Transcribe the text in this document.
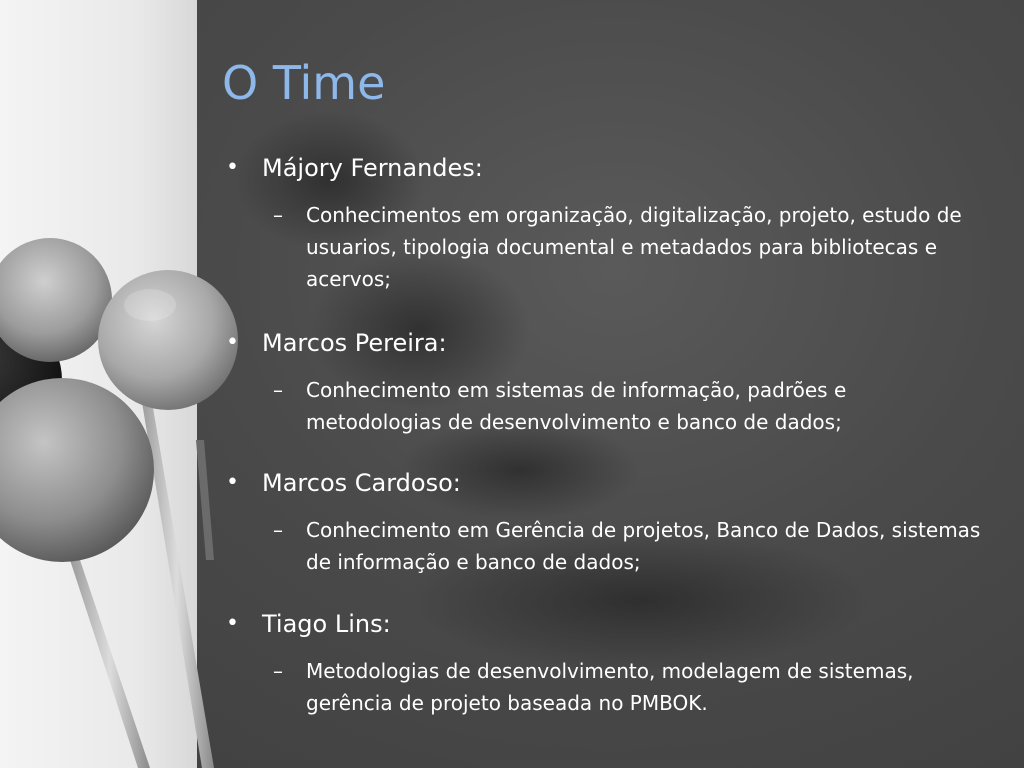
O Time
• Májory Fernandes:
– Conhecimentos em organização, digitalização, projeto, estudo de usuarios, tipologia documental e metadados para bibliotecas e acervos;
• Marcos Pereira:
– Conhecimento em sistemas de informação, padrões e metodologias de desenvolvimento e banco de dados;
• Marcos Cardoso:
– Conhecimento em Gerência de projetos, Banco de Dados, sistemas de informação e banco de dados;
• Tiago Lins:
– Metodologias de desenvolvimento, modelagem de sistemas, gerência de projeto baseada no PMBOK.
